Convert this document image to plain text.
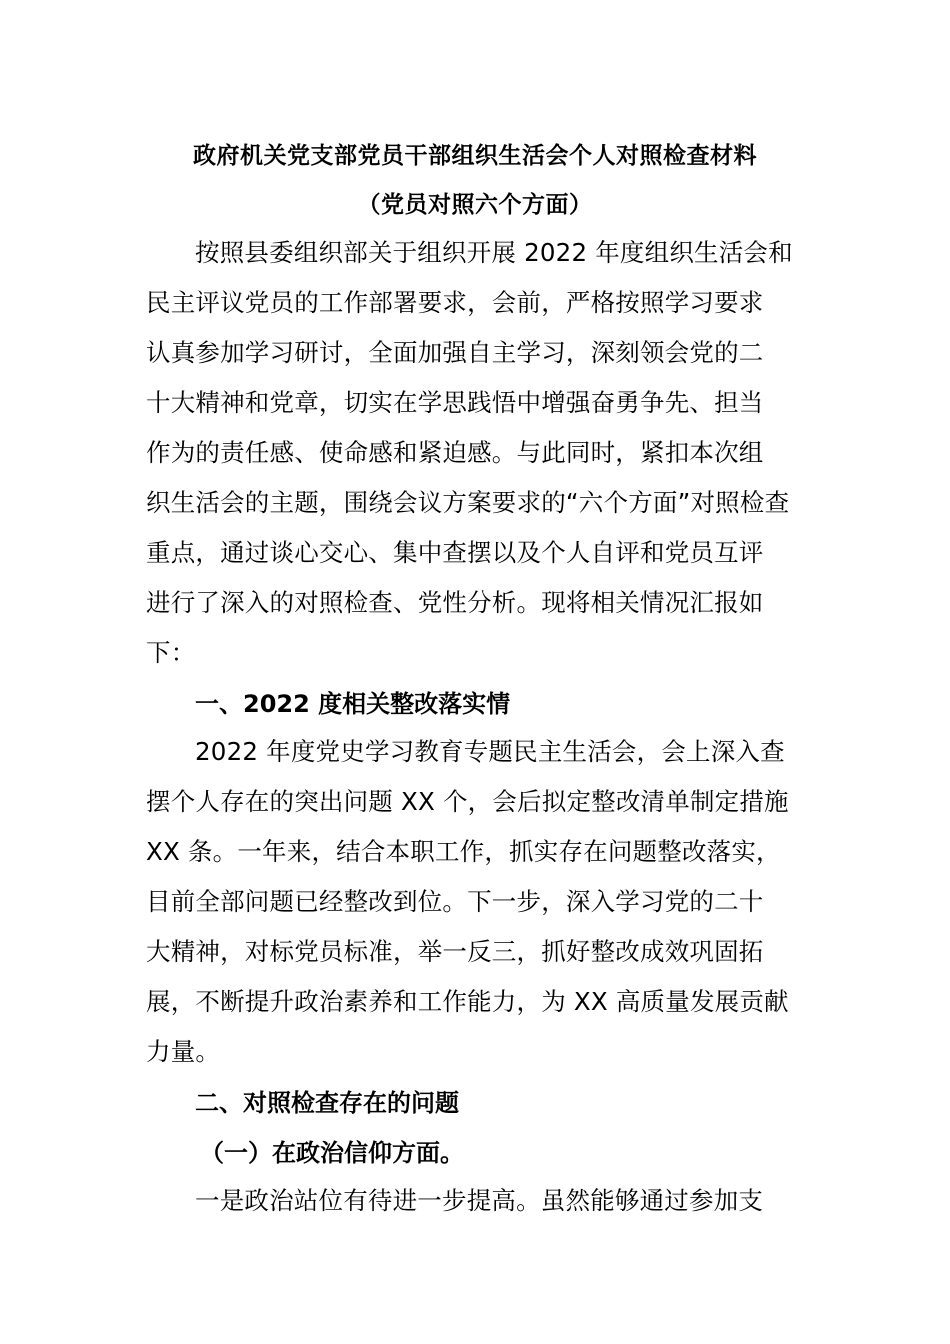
政府机关党支部党员干部组织生活会个人对照检查材料
（党员对照六个方面）
按照县委组织部关于组织开展 2022 年度组织生活会和
民主评议党员的工作部署要求，会前，严格按照学习要求
认真参加学习研讨，全面加强自主学习，深刻领会党的二
十大精神和党章，切实在学思践悟中增强奋勇争先、担当
作为的责任感、使命感和紧迫感。与此同时，紧扣本次组
织生活会的主题，围绕会议方案要求的“六个方面”对照检查
重点，通过谈心交心、集中查摆以及个人自评和党员互评
进行了深入的对照检查、党性分析。现将相关情况汇报如
下：
一、2022 度相关整改落实情
2022 年度党史学习教育专题民主生活会，会上深入查
摆个人存在的突出问题 XX 个，会后拟定整改清单制定措施
XX 条。一年来，结合本职工作，抓实存在问题整改落实，
目前全部问题已经整改到位。下一步，深入学习党的二十
大精神，对标党员标准，举一反三，抓好整改成效巩固拓
展，不断提升政治素养和工作能力，为 XX 高质量发展贡献
力量。
二、对照检查存在的问题
（一）在政治信仰方面。
一是政治站位有待进一步提高。虽然能够通过参加支
